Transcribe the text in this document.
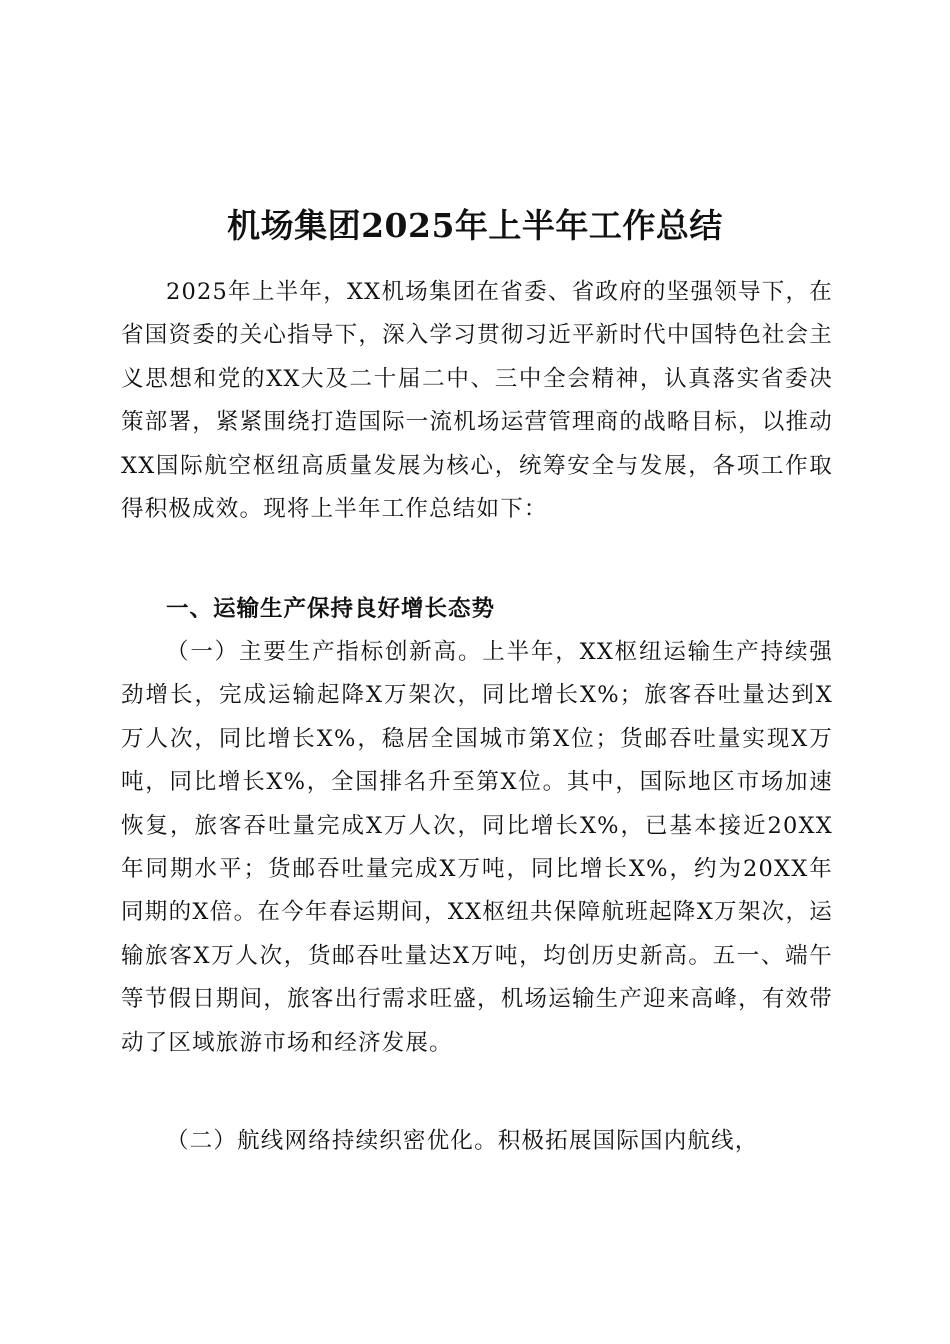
机场集团2025年上半年工作总结

2025年上半年，XX机场集团在省委、省政府的坚强领导下，在省国资委的关心指导下，深入学习贯彻习近平新时代中国特色社会主义思想和党的XX大及二十届二中、三中全会精神，认真落实省委决策部署，紧紧围绕打造国际一流机场运营管理商的战略目标，以推动XX国际航空枢纽高质量发展为核心，统筹安全与发展，各项工作取得积极成效。现将上半年工作总结如下：

一、运输生产保持良好增长态势

（一）主要生产指标创新高。上半年，XX枢纽运输生产持续强劲增长，完成运输起降X万架次，同比增长X%；旅客吞吐量达到X万人次，同比增长X%，稳居全国城市第X位；货邮吞吐量实现X万吨，同比增长X%，全国排名升至第X位。其中，国际地区市场加速恢复，旅客吞吐量完成X万人次，同比增长X%，已基本接近20XX年同期水平；货邮吞吐量完成X万吨，同比增长X%，约为20XX年同期的X倍。在今年春运期间，XX枢纽共保障航班起降X万架次，运输旅客X万人次，货邮吞吐量达X万吨，均创历史新高。五一、端午等节假日期间，旅客出行需求旺盛，机场运输生产迎来高峰，有效带动了区域旅游市场和经济发展。

（二）航线网络持续织密优化。积极拓展国际国内航线，
